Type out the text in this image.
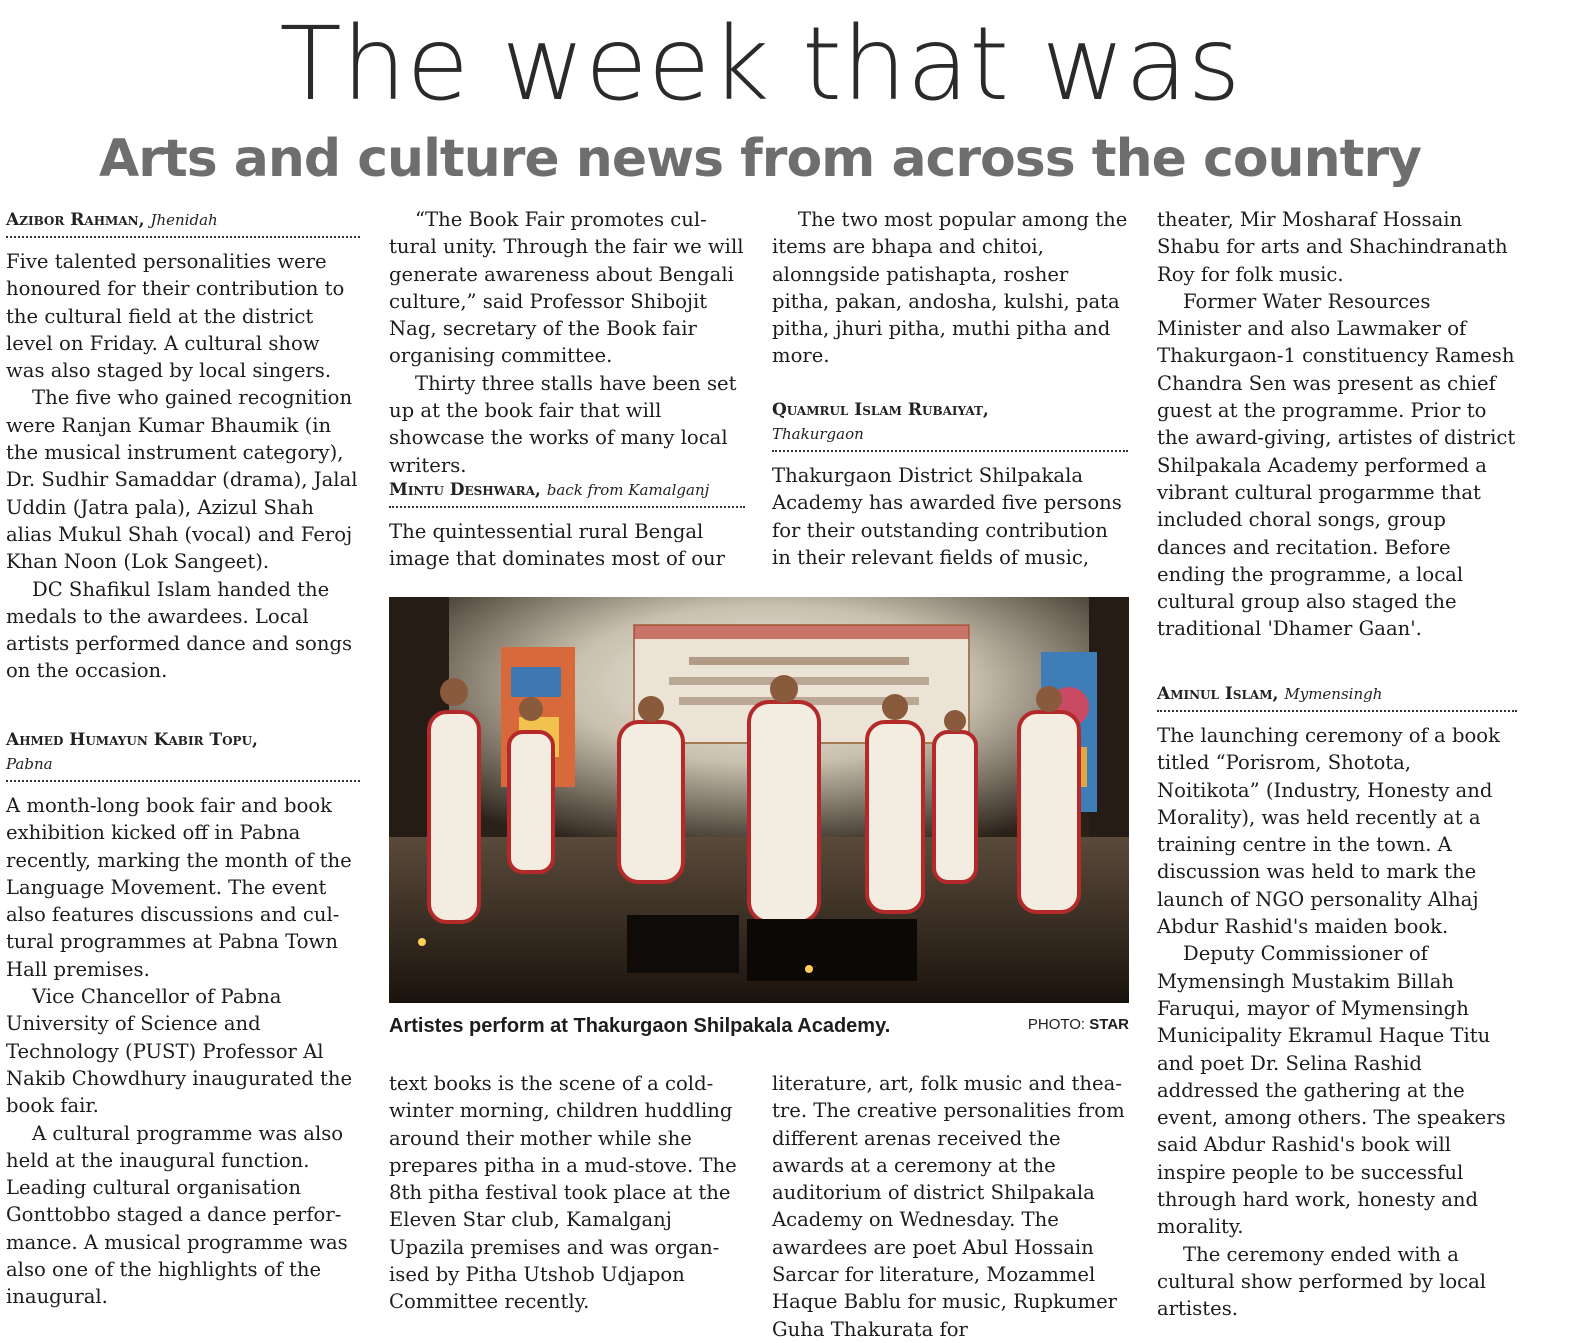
The week that was
Arts and culture news from across the country
Azibor Rahman, Jhenidah

Five talented personalities were honoured for their contribution to the cultural field at the district level on Friday. A cultural show was also staged by local singers.

The five who gained recognition were Ranjan Kumar Bhaumik (in the musical instrument category), Dr. Sudhir Samaddar (drama), Jalal Uddin (Jatra pala), Azizul Shah alias Mukul Shah (vocal) and Feroj Khan Noon (Lok Sangeet).

DC Shafikul Islam handed the medals to the awardees. Local artists performed dance and songs on the occasion.

Ahmed Humayun Kabir Topu,
Pabna

A month-long book fair and book exhibition kicked off in Pabna recently, marking the month of the Language Movement. The event also features discussions and cul-tural programmes at Pabna Town Hall premises.

Vice Chancellor of Pabna University of Science and Technology (PUST) Professor Al Nakib Chowdhury inaugurated the book fair.

A cultural programme was also held at the inaugural function. Leading cultural organisation Gonttobbo staged a dance perfor-mance. A musical programme was also one of the highlights of the inaugural.

“The Book Fair promotes cul-tural unity. Through the fair we will generate awareness about Bengali culture,” said Professor Shibojit Nag, secretary of the Book fair organising committee.

Thirty three stalls have been set up at the book fair that will showcase the works of many local writers.

Mintu Deshwara, back from Kamalganj

The quintessential rural Bengal image that dominates most of our

text books is the scene of a cold-winter morning, children huddling around their mother while she prepares pitha in a mud-stove. The 8th pitha festival took place at the Eleven Star club, Kamalganj Upazila premises and was organ-ised by Pitha Utshob Udjapon Committee recently.

The two most popular among the items are bhapa and chitoi, alonngside patishapta, rosher pitha, pakan, andosha, kulshi, pata pitha, jhuri pitha, muthi pitha and more.

Quamrul Islam Rubaiyat,
Thakurgaon

Thakurgaon District Shilpakala Academy has awarded five persons for their outstanding contribution in their relevant fields of music,

literature, art, folk music and thea-tre. The creative personalities from different arenas received the awards at a ceremony at the auditorium of district Shilpakala Academy on Wednesday. The awardees are poet Abul Hossain Sarcar for literature, Mozammel Haque Bablu for music, Rupkumer Guha Thakurata for

theater, Mir Mosharaf Hossain Shabu for arts and Shachindranath Roy for folk music.

Former Water Resources Minister and also Lawmaker of Thakurgaon-1 constituency Ramesh Chandra Sen was present as chief guest at the programme. Prior to the award-giving, artistes of district Shilpakala Academy performed a vibrant cultural progarmme that included choral songs, group dances and recitation. Before ending the programme, a local cultural group also staged the traditional 'Dhamer Gaan'.

Aminul Islam, Mymensingh

The launching ceremony of a book titled “Porisrom, Shotota, Noitikota” (Industry, Honesty and Morality), was held recently at a training centre in the town. A discussion was held to mark the launch of NGO personality Alhaj Abdur Rashid's maiden book.

Deputy Commissioner of Mymensingh Mustakim Billah Faruqui, mayor of Mymensingh Municipality Ekramul Haque Titu and poet Dr. Selina Rashid addressed the gathering at the event, among others. The speakers said Abdur Rashid's book will inspire people to be successful through hard work, honesty and morality.

The ceremony ended with a cultural show performed by local artistes.

Artistes perform at Thakurgaon Shilpakala Academy.	PHOTO: STAR
